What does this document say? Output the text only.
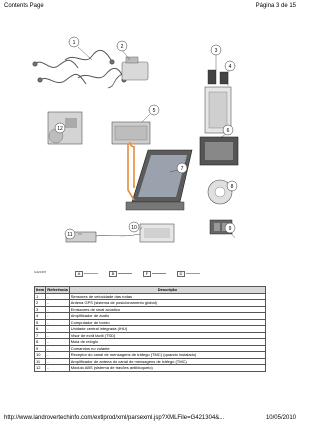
Contents Page	Página 3 de 15
1
2
3
4
5
6
7
8
9
10
11
12
G421367	A	B	F	D
Item	Referência	Descrição
1	-	Sensores de velocidade das rodas
2	-	Antena GPS (sistema de posicionamento global)
3	-	Emissores de sinal acústico
4	-	Amplificador de áudio
5	-	Computador de bordo
6	-	Unidade central integrada (IHU)
7	-	Visor de ecrã táctil (TSD)
8	-	Mola de relógio
9	-	Comandos no volante
10	-	Receptor do canal de mensagens de tráfego (TMC) (quando instalado)
11	-	Amplificador de antena do canal de mensagens de tráfego (TMC)
12	-	Módulo ABS (sistema de travões antibloqueio)
http://www.landrovertechinfo.com/extlprod/xml/parsexml.jsp?XMLFile=G421304&...	10/05/2010
